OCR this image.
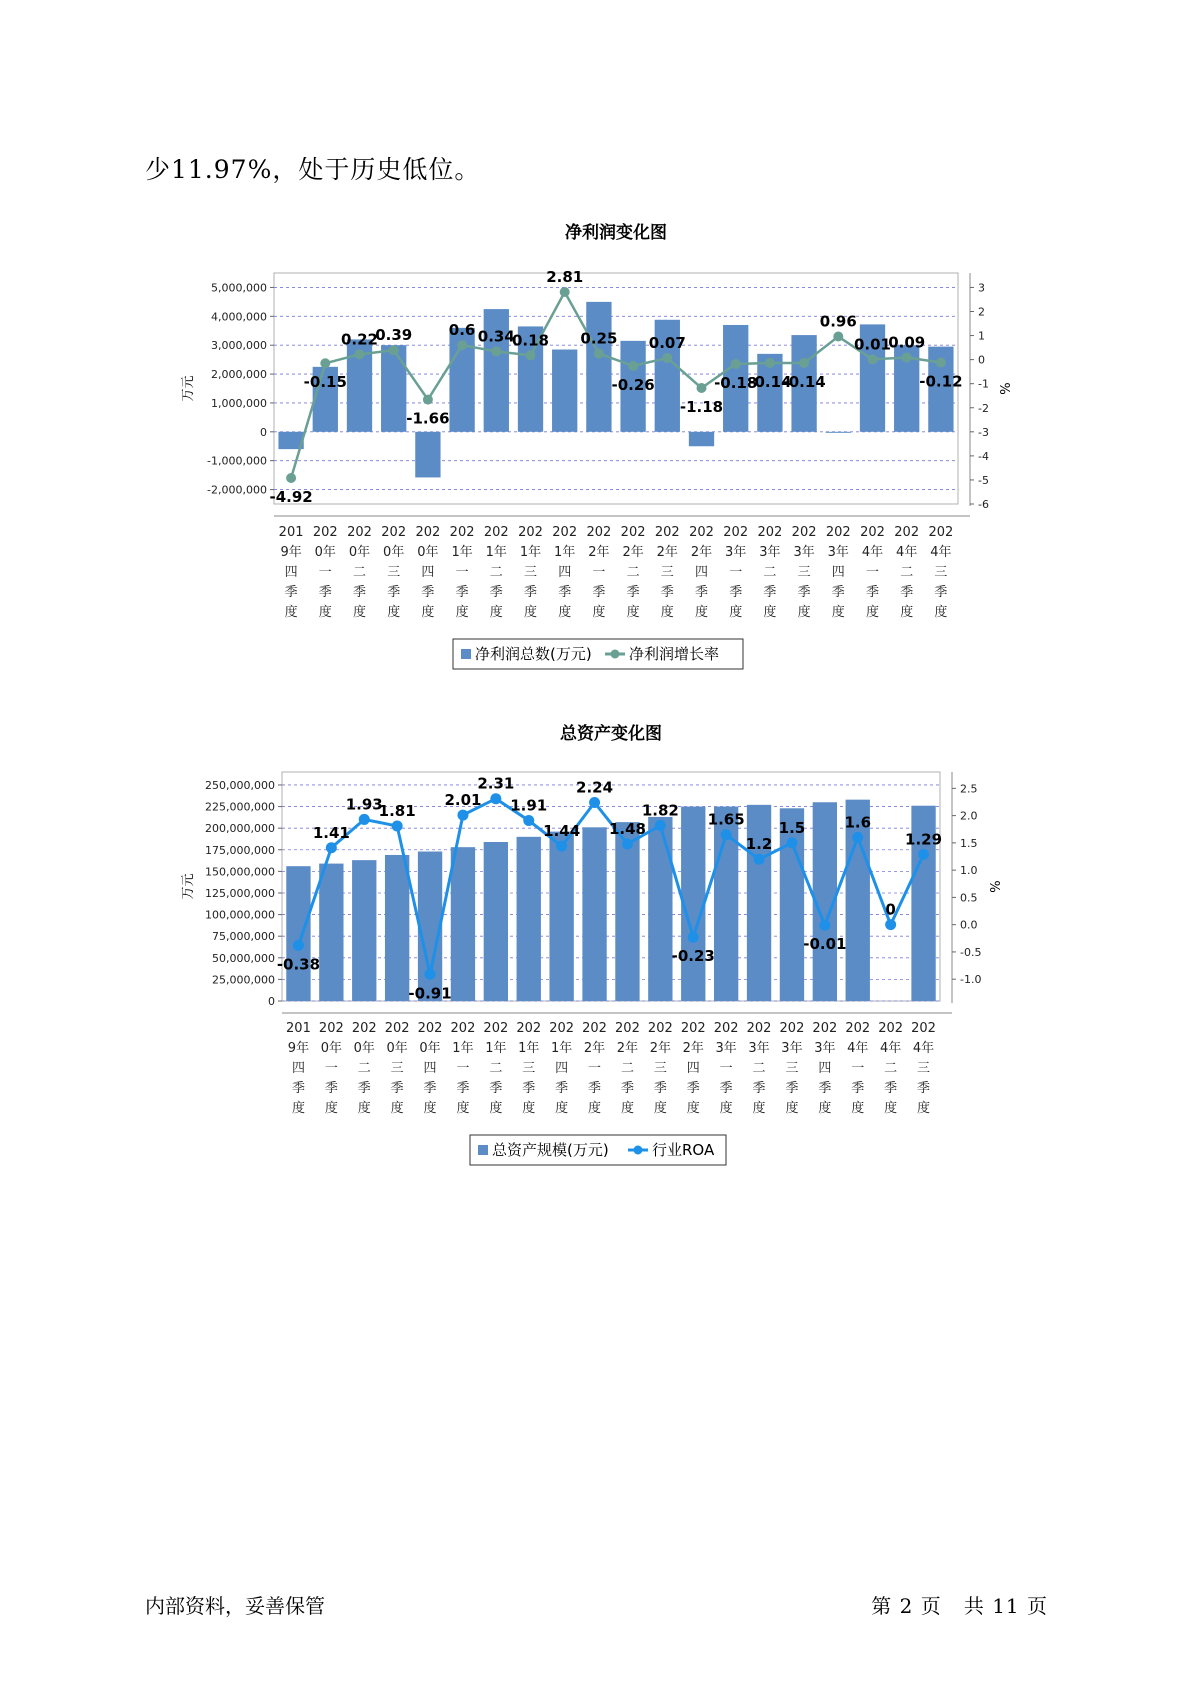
少11.97%，处于历史低位。
净利润变化图
-2,000,000
-1,000,000
0
1,000,000
2,000,000
3,000,000
4,000,000
5,000,000
万元
-6
-5
-4
-3
-2
-1
0
1
2
3
%
-4.92
-0.15
0.22
0.39
-1.66
0.6 0.34
0.18
2.81
0.25
-0.26
0.07
-1.18
-0.18
-0.14
-0.14
0.96
0.01
0.09
-0.12
201
9年
四
季
度
202
0年
一
季
度
202
0年
二
季
度
202
0年
三
季
度
202
0年
四
季
度
202
1年
一
季
度
202
1年
二
季
度
202
1年
三
季
度
202
1年
四
季
度
202
2年
一
季
度
202
2年
二
季
度
202
2年
三
季
度
202
2年
四
季
度
202
3年
一
季
度
202
3年
二
季
度
202
3年
三
季
度
202
3年
四
季
度
202
4年
一
季
度
202
4年
二
季
度
202
4年
三
季
度
净利润总数(万元) 净利润增长率
总资产变化图
0
25,000,000
50,000,000
75,000,000
100,000,000
125,000,000
150,000,000
175,000,000
200,000,000
225,000,000
250,000,000
万元
-1.0
-0.5
0.0
0.5
1.0
1.5
2.0
2.5
%
-0.38
1.41
1.93
1.81
-0.91
2.01
2.31
1.91
1.44
2.24
1.48
1.82
-0.23
1.65
1.2
1.5
-0.01
1.6
0
1.29
201
9年
四
季
度
202
0年
一
季
度
202
0年
二
季
度
202
0年
三
季
度
202
0年
四
季
度
202
1年
一
季
度
202
1年
二
季
度
202
1年
三
季
度
202
1年
四
季
度
202
2年
一
季
度
202
2年
二
季
度
202
2年
三
季
度
202
2年
四
季
度
202
3年
一
季
度
202
3年
二
季
度
202
3年
三
季
度
202
3年
四
季
度
202
4年
一
季
度
202
4年
二
季
度
202
4年
三
季
度
总资产规模(万元)	行业ROA
内部资料，妥善保管	第 2 页 共 11 页
